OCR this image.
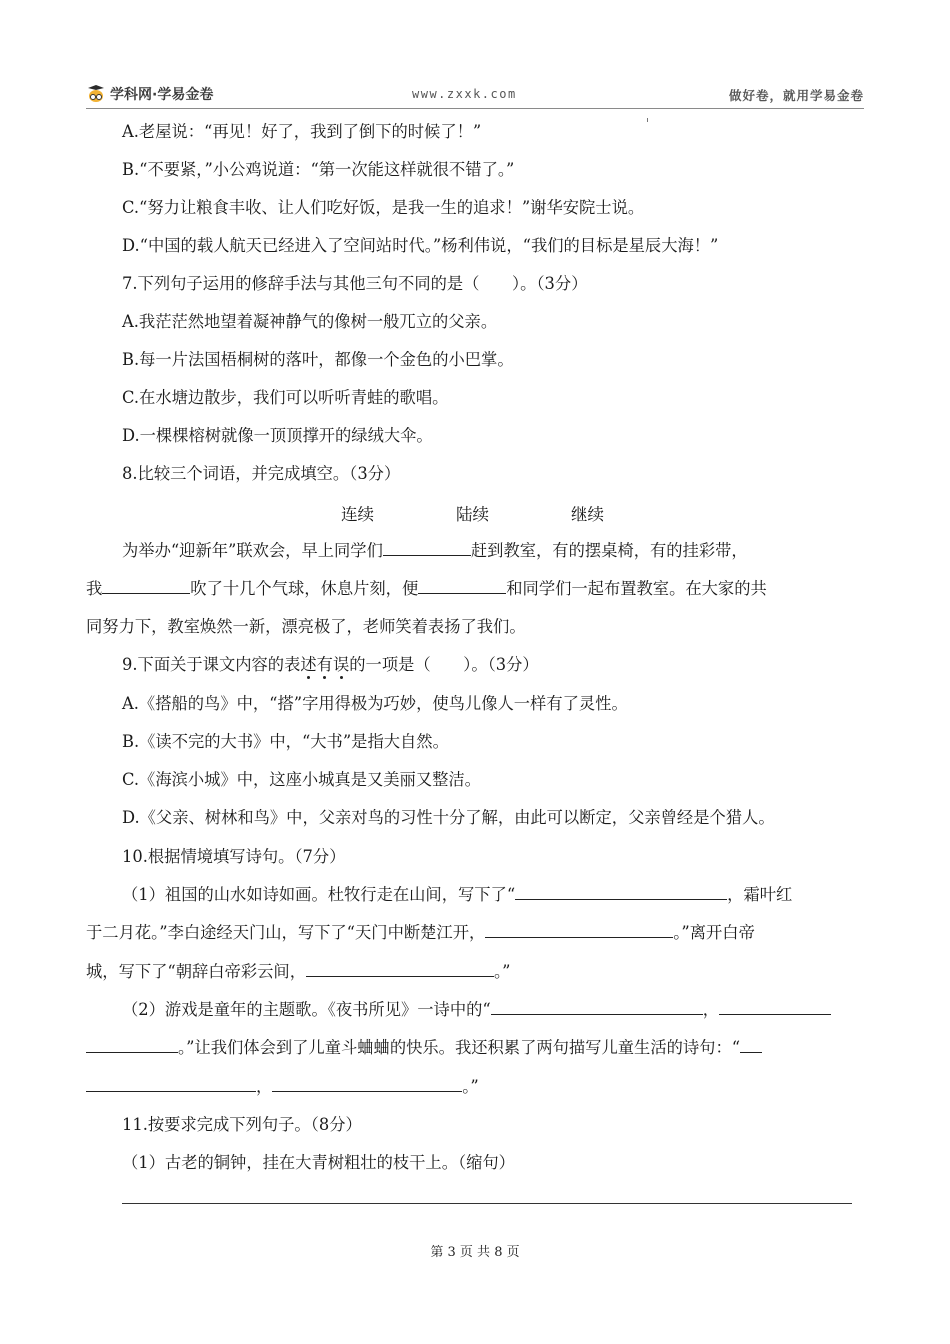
学科网·学易金卷	www.zxxk.com	做好卷，就用学易金卷
A.老屋说：“再见！好了，我到了倒下的时候了！”
B.“不要紧，”小公鸡说道：“第一次能这样就很不错了。”
C.“努力让粮食丰收、让人们吃好饭，是我一生的追求！”谢华安院士说。
D.“中国的载人航天已经进入了空间站时代。”杨利伟说，“我们的目标是星辰大海！”
7.下列句子运用的修辞手法与其他三句不同的是（　　）。（3分）
A.我茫茫然地望着凝神静气的像树一般兀立的父亲。
B.每一片法国梧桐树的落叶，都像一个金色的小巴掌。
C.在水塘边散步，我们可以听听青蛙的歌唱。
D.一棵棵榕树就像一顶顶撑开的绿绒大伞。
8.比较三个词语，并完成填空。（3分）
连续	陆续	继续
为举办“迎新年”联欢会，早上同学们	赶到教室，有的摆桌椅，有的挂彩带，
我	吹了十几个气球，休息片刻，便	和同学们一起布置教室。在大家的共
同努力下，教室焕然一新，漂亮极了，老师笑着表扬了我们。
9.下面关于课文内容的表述有误的一项是（　　）。（3分）
A.《搭船的鸟》中，“搭”字用得极为巧妙，使鸟儿像人一样有了灵性。
B.《读不完的大书》中，“大书”是指大自然。
C.《海滨小城》中，这座小城真是又美丽又整洁。
D.《父亲、树林和鸟》中，父亲对鸟的习性十分了解，由此可以断定，父亲曾经是个猎人。
10.根据情境填写诗句。（7分）
（1）祖国的山水如诗如画。杜牧行走在山间，写下了“	，霜叶红
于二月花。”李白途经天门山，写下了“天门中断楚江开，	。”离开白帝
城，写下了“朝辞白帝彩云间，	。”
（2）游戏是童年的主题歌。《夜书所见》一诗中的“	，
。”让我们体会到了儿童斗蛐蛐的快乐。我还积累了两句描写儿童生活的诗句：“
，	。”
11.按要求完成下列句子。（8分）
（1）古老的铜钟，挂在大青树粗壮的枝干上。（缩句）
第 3 页 共 8 页
